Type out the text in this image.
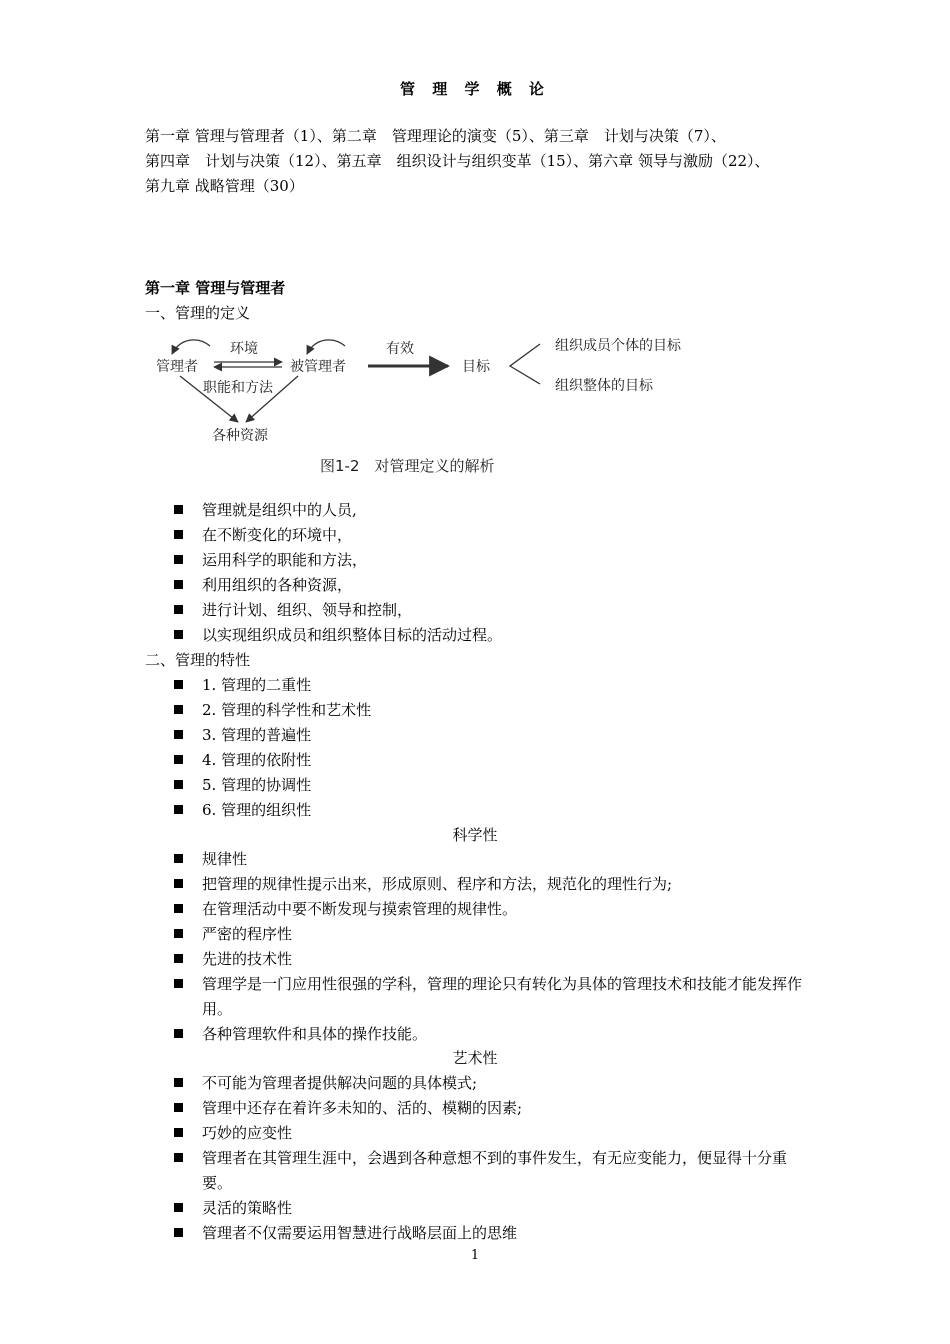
管 理 学 概 论

第一章 管理与管理者（1）、第二章　管理理论的演变（5）、第三章　计划与决策（7）、

第四章　计划与决策（12）、第五章　组织设计与组织变革（15）、第六章 领导与激励（22）、

第九章 战略管理（30）

第一章 管理与管理者
一、管理的定义
管理者
环境
被管理者
有效
目标
组织成员个体的目标
组织整体的目标
职能和方法
各种资源
图1-2　对管理定义的解析
管理就是组织中的人员,
在不断变化的环境中，
运用科学的职能和方法，
利用组织的各种资源，
进行计划、组织、领导和控制，
以实现组织成员和组织整体目标的活动过程。
二、管理的特性
1. 管理的二重性
2. 管理的科学性和艺术性
3. 管理的普遍性
4. 管理的依附性
5. 管理的协调性
6. 管理的组织性
科学性
规律性
把管理的规律性提示出来，形成原则、程序和方法，规范化的理性行为;
在管理活动中要不断发现与摸索管理的规律性。
严密的程序性
先进的技术性
管理学是一门应用性很强的学科，管理的理论只有转化为具体的管理技术和技能才能发挥作用。
各种管理软件和具体的操作技能。
艺术性
不可能为管理者提供解决问题的具体模式;
管理中还存在着许多未知的、活的、模糊的因素;
巧妙的应变性
管理者在其管理生涯中，会遇到各种意想不到的事件发生，有无应变能力，便显得十分重要。
灵活的策略性
管理者不仅需要运用智慧进行战略层面上的思维
1
